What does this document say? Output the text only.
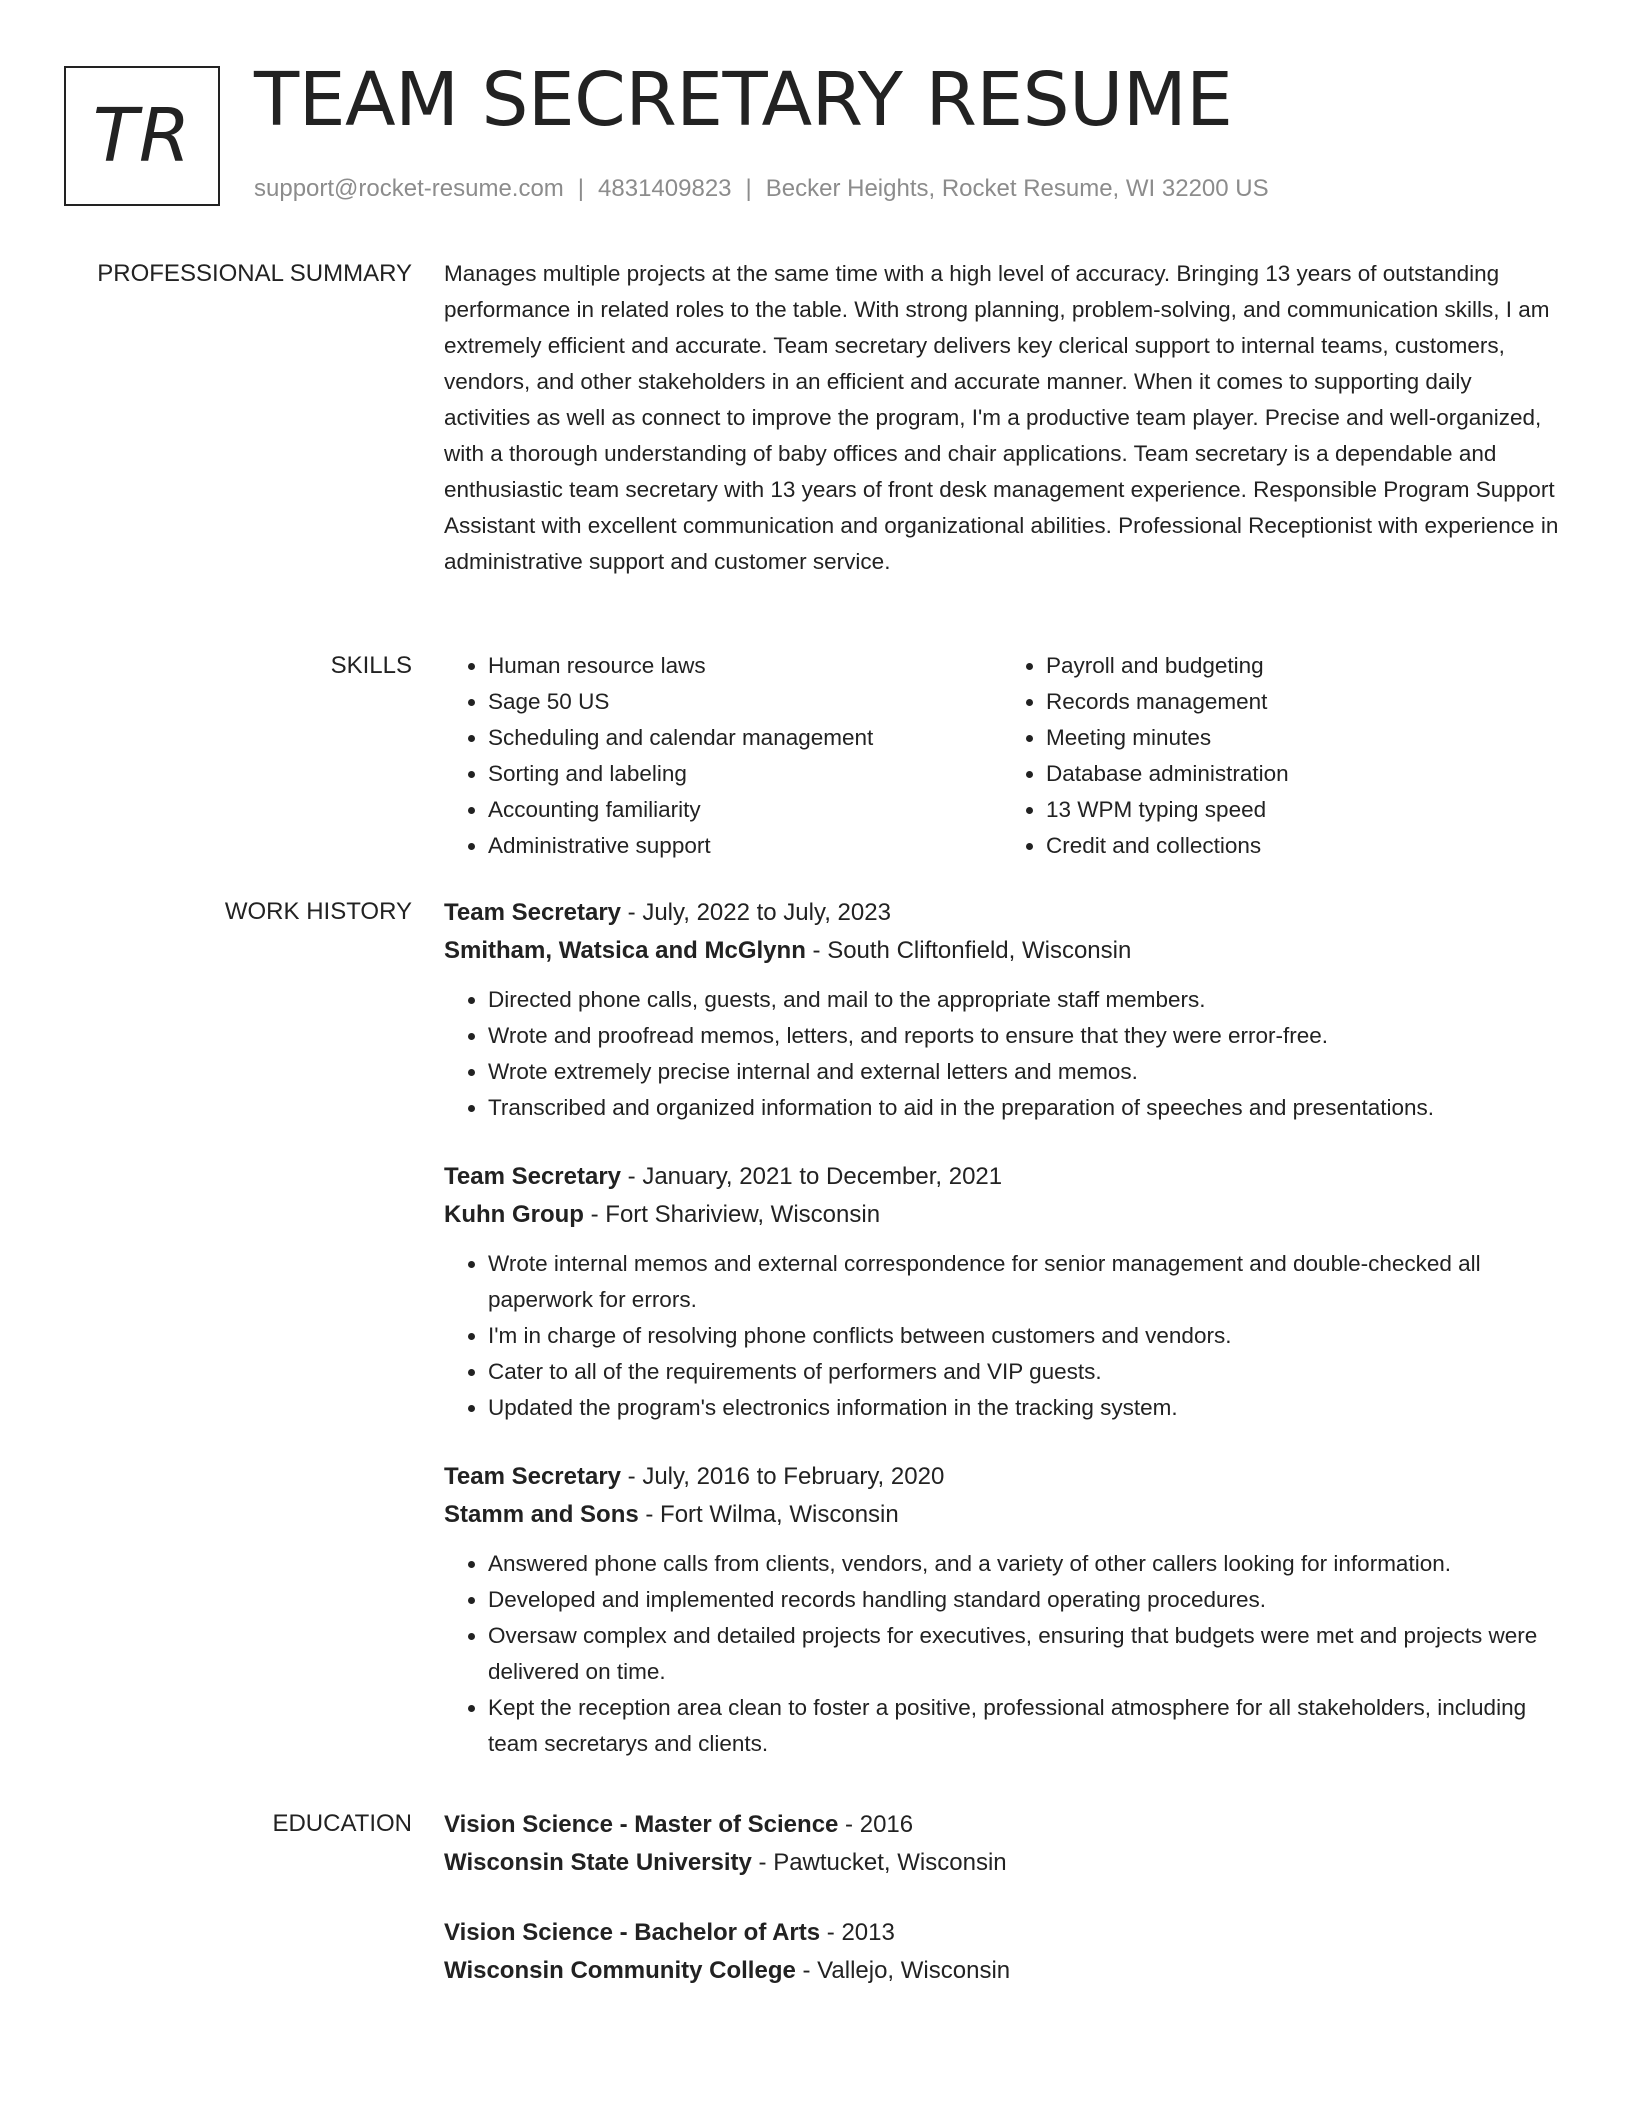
TR TEAM SECRETARY RESUME
support@rocket-resume.com | 4831409823 | Becker Heights, Rocket Resume, WI 32200 US
PROFESSIONAL SUMMARY Manages multiple projects at the same time with a high level of accuracy. Bringing 13 years of outstanding performance in related roles to the table. With strong planning, problem-solving, and communication skills, I am extremely efficient and accurate. Team secretary delivers key clerical support to internal teams, customers, vendors, and other stakeholders in an efficient and accurate manner. When it comes to supporting daily activities as well as connect to improve the program, I'm a productive team player. Precise and well-organized, with a thorough understanding of baby offices and chair applications. Team secretary is a dependable and enthusiastic team secretary with 13 years of front desk management experience. Responsible Program Support Assistant with excellent communication and organizational abilities. Professional Receptionist with experience in administrative support and customer service.

SKILLS
•	Human resource laws
• Sage 50 US
• Scheduling and calendar management
• Sorting and labeling
• Accounting familiarity
• Administrative support
• Payroll and budgeting
• Records management
• Meeting minutes
• Database administration
• 13 WPM typing speed
• Credit and collections
WORK HISTORY Team Secretary - July, 2022 to July, 2023
Smitham, Watsica and McGlynn - South Cliftonfield, Wisconsin
• Directed phone calls, guests, and mail to the appropriate staff members.
• Wrote and proofread memos, letters, and reports to ensure that they were error-free.
• Wrote extremely precise internal and external letters and memos.
• Transcribed and organized information to aid in the preparation of speeches and presentations.
Team Secretary - January, 2021 to December, 2021
Kuhn Group - Fort Shariview, Wisconsin
• Wrote internal memos and external correspondence for senior management and double-checked all paperwork for errors.
• I'm in charge of resolving phone conflicts between customers and vendors.
• Cater to all of the requirements of performers and VIP guests.
• Updated the program's electronics information in the tracking system.
Team Secretary - July, 2016 to February, 2020
Stamm and Sons - Fort Wilma, Wisconsin
• Answered phone calls from clients, vendors, and a variety of other callers looking for information.
• Developed and implemented records handling standard operating procedures.
• Oversaw complex and detailed projects for executives, ensuring that budgets were met and projects were delivered on time.
• Kept the reception area clean to foster a positive, professional atmosphere for all stakeholders, including team secretarys and clients.
EDUCATION Vision Science - Master of Science - 2016
Wisconsin State University - Pawtucket, Wisconsin
Vision Science - Bachelor of Arts - 2013
Wisconsin Community College - Vallejo, Wisconsin
